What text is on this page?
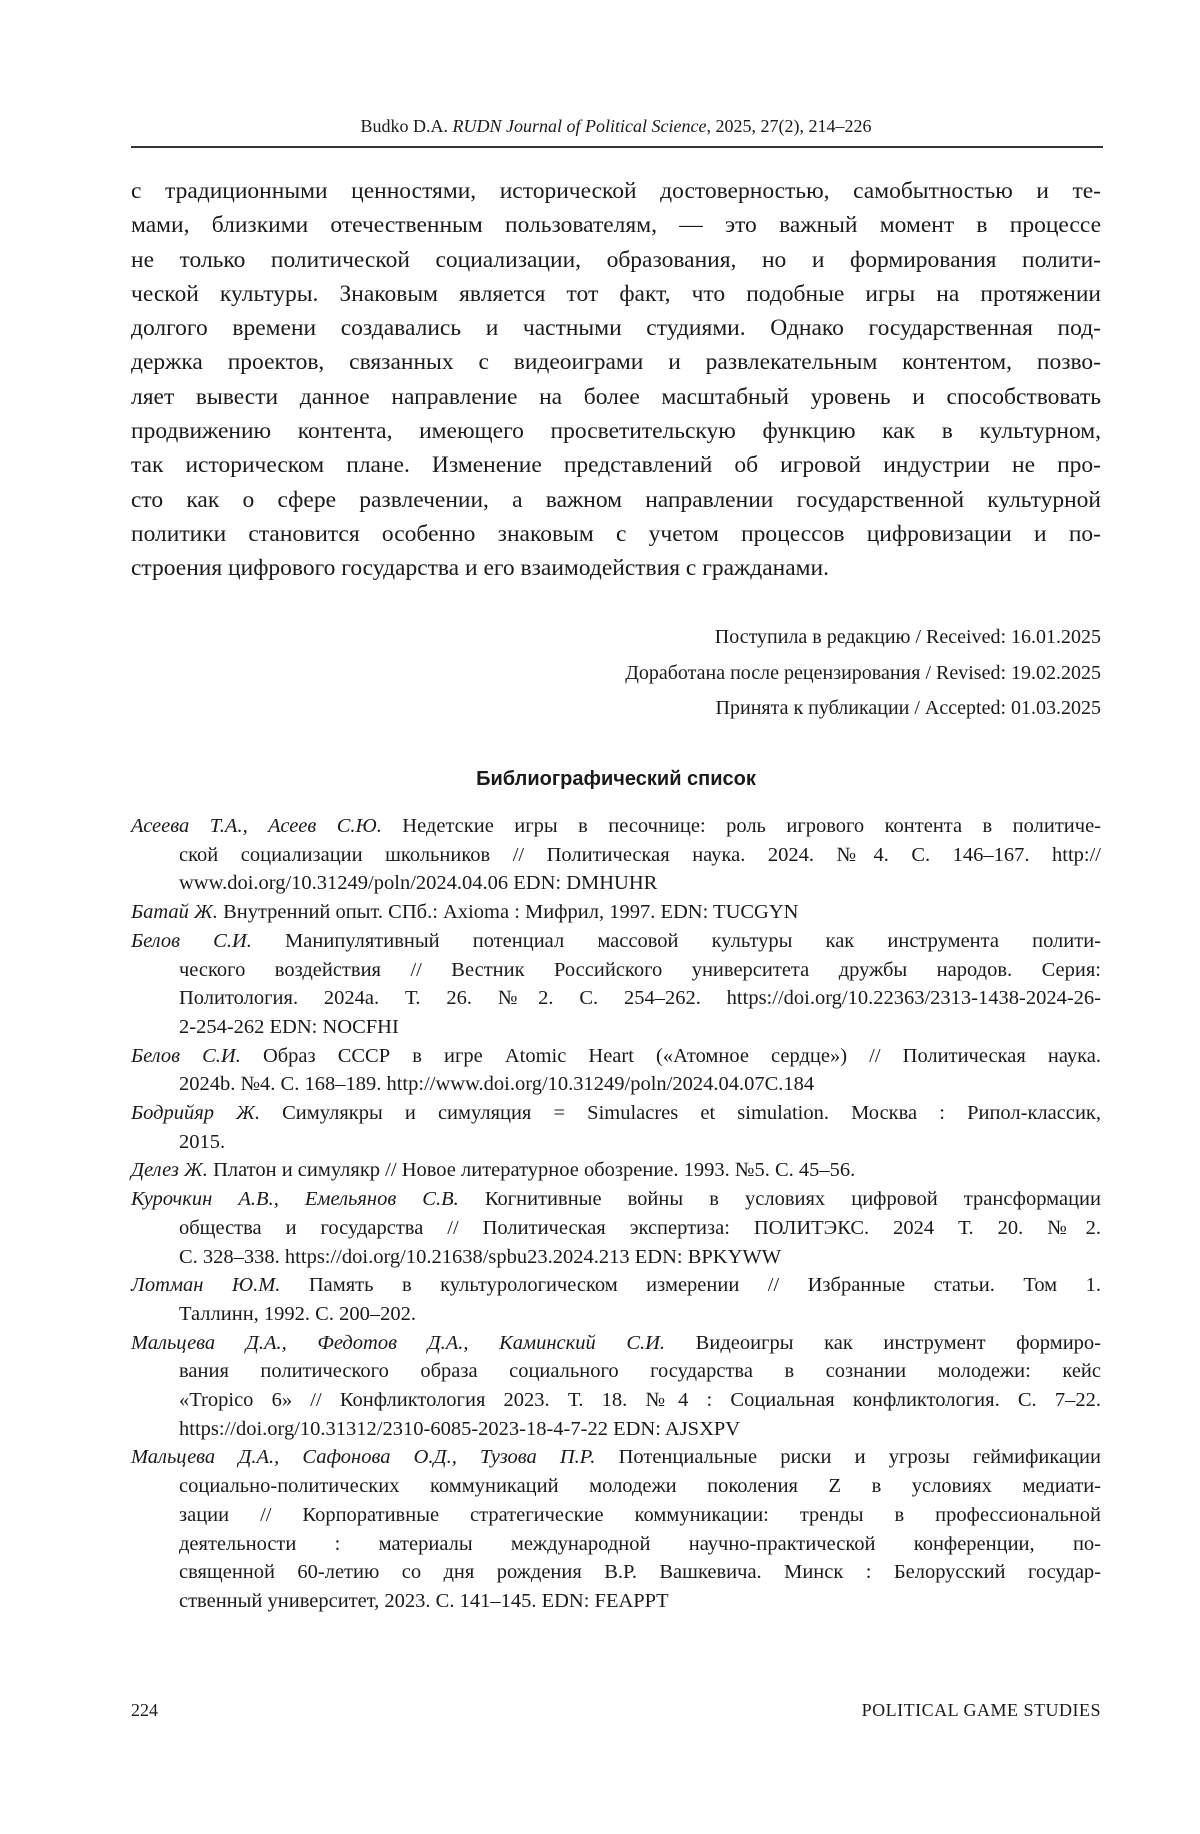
Budko D.A. RUDN Journal of Political Science, 2025, 27(2), 214–226
с традиционными ценностями, исторической достоверностью, самобытностью и те-
мами, близкими отечественным пользователям, — это важный момент в процессе
не только политической социализации, образования, но и формирования полити-
ческой культуры. Знаковым является тот факт, что подобные игры на протяжении
долгого времени создавались и частными студиями. Однако государственная под-
держка проектов, связанных с видеоиграми и развлекательным контентом, позво-
ляет вывести данное направление на более масштабный уровень и способствовать
продвижению контента, имеющего просветительскую функцию как в культурном,
так историческом плане. Изменение представлений об игровой индустрии не про-
сто как о сфере развлечении, а важном направлении государственной культурной
политики становится особенно знаковым с учетом процессов цифровизации и по-
строения цифрового государства и его взаимодействия с гражданами.
Поступила в редакцию / Received: 16.01.2025
Доработана после рецензирования / Revised: 19.02.2025
Принята к публикации / Accepted: 01.03.2025
Библиографический список
Асеева Т.А., Асеев С.Ю. Недетские игры в песочнице: роль игрового контента в политиче-
ской социализации школьников // Политическая наука. 2024. №4. С. 146–167. http://
www.doi.org/10.31249/poln/2024.04.06 EDN: DMHUHR
Батай Ж. Внутренний опыт. СПб.: Axioma : Мифрил, 1997. EDN: TUCGYN
Белов С.И. Манипулятивный потенциал массовой культуры как инструмента полити-
ческого воздействия // Вестник Российского университета дружбы народов. Серия:
Политология. 2024a. Т. 26. №2. С. 254–262. https://doi.org/10.22363/2313-1438-2024-26-
2-254-262 EDN: NOCFHI
Белов С.И. Образ СССР в игре Atomic Heart («Атомное сердце») // Политическая наука.
2024b. №4. С. 168–189. http://www.doi.org/10.31249/poln/2024.04.07С.184
Бодрийяр Ж. Симулякры и симуляция = Simulacres et simulation. Москва : Рипол-классик,
2015.
Делез Ж. Платон и симулякр // Новое литературное обозрение. 1993. №5. С. 45–56.
Курочкин А.В., Емельянов С.В. Когнитивные войны в условиях цифровой трансформации
общества и государства // Политическая экспертиза: ПОЛИТЭКС. 2024 Т. 20. №2.
С. 328–338. https://doi.org/10.21638/spbu23.2024.213 EDN: BPKYWW
Лотман Ю.М. Память в культурологическом измерении // Избранные статьи. Том 1.
Таллинн, 1992. С. 200–202.
Мальцева Д.А., Федотов Д.А., Каминский С.И. Видеоигры как инструмент формиро-
вания политического образа социального государства в сознании молодежи: кейс
«Tropico 6» // Конфликтология 2023. Т. 18. №4 : Социальная конфликтология. С. 7–22.
https://doi.org/10.31312/2310-6085-2023-18-4-7-22 EDN: AJSXPV
Мальцева Д.А., Сафонова О.Д., Тузова П.Р. Потенциальные риски и угрозы геймификации
социально-политических коммуникаций молодежи поколения Z в условиях медиати-
зации // Корпоративные стратегические коммуникации: тренды в профессиональной
деятельности : материалы международной научно-практической конференции, по-
священной 60-летию со дня рождения В.Р. Вашкевича. Минск : Белорусский государ-
ственный университет, 2023. С. 141–145. EDN: FEAPPT
224	POLITICAL GAME STUDIES
